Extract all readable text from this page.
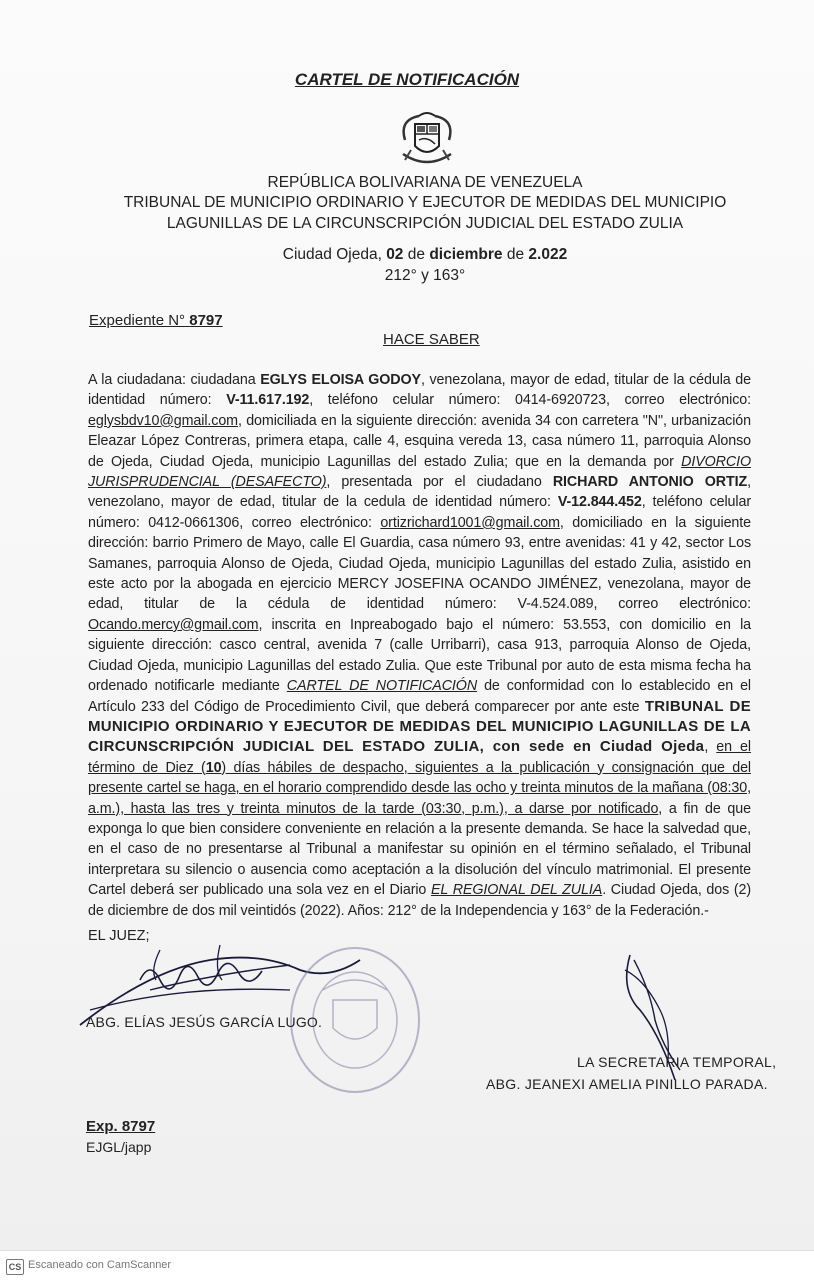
CARTEL DE NOTIFICACIÓN
REPÚBLICA BOLIVARIANA DE VENEZUELA
TRIBUNAL DE MUNICIPIO ORDINARIO Y EJECUTOR DE MEDIDAS DEL MUNICIPIO
LAGUNILLAS DE LA CIRCUNSCRIPCIÓN JUDICIAL DEL ESTADO ZULIA
Ciudad Ojeda, 02 de diciembre de 2.022
212° y 163°
Expediente N° 8797
HACE SABER
A la ciudadana: ciudadana EGLYS ELOISA GODOY, venezolana, mayor de edad, titular de la cédula de identidad número: V-11.617.192, teléfono celular número: 0414-6920723, correo electrónico: eglysbdv10@gmail.com, domiciliada en la siguiente dirección: avenida 34 con carretera "N", urbanización Eleazar López Contreras, primera etapa, calle 4, esquina vereda 13, casa número 11, parroquia Alonso de Ojeda, Ciudad Ojeda, municipio Lagunillas del estado Zulia; que en la demanda por DIVORCIO JURISPRUDENCIAL (DESAFECTO), presentada por el ciudadano RICHARD ANTONIO ORTIZ, venezolano, mayor de edad, titular de la cedula de identidad número: V-12.844.452, teléfono celular número: 0412-0661306, correo electrónico: ortizrichard1001@gmail.com, domiciliado en la siguiente dirección: barrio Primero de Mayo, calle El Guardia, casa número 93, entre avenidas: 41 y 42, sector Los Samanes, parroquia Alonso de Ojeda, Ciudad Ojeda, municipio Lagunillas del estado Zulia, asistido en este acto por la abogada en ejercicio MERCY JOSEFINA OCANDO JIMÉNEZ, venezolana, mayor de edad, titular de la cédula de identidad número: V-4.524.089, correo electrónico: Ocando.mercy@gmail.com, inscrita en Inpreabogado bajo el número: 53.553, con domicilio en la siguiente dirección: casco central, avenida 7 (calle Urribarri), casa 913, parroquia Alonso de Ojeda, Ciudad Ojeda, municipio Lagunillas del estado Zulia. Que este Tribunal por auto de esta misma fecha ha ordenado notificarle mediante CARTEL DE NOTIFICACIÓN de conformidad con lo establecido en el Artículo 233 del Código de Procedimiento Civil, que deberá comparecer por ante este TRIBUNAL DE MUNICIPIO ORDINARIO Y EJECUTOR DE MEDIDAS DEL MUNICIPIO LAGUNILLAS DE LA CIRCUNSCRIPCIÓN JUDICIAL DEL ESTADO ZULIA, con sede en Ciudad Ojeda, en el término de Diez (10) días hábiles de despacho, siguientes a la publicación y consignación que del presente cartel se haga, en el horario comprendido desde las ocho y treinta minutos de la mañana (08:30, a.m.), hasta las tres y treinta minutos de la tarde (03:30, p.m.), a darse por notificado, a fin de que exponga lo que bien considere conveniente en relación a la presente demanda. Se hace la salvedad que, en el caso de no presentarse al Tribunal a manifestar su opinión en el término señalado, el Tribunal interpretara su silencio o ausencia como aceptación a la disolución del vínculo matrimonial. El presente Cartel deberá ser publicado una sola vez en el Diario EL REGIONAL DEL ZULIA. Ciudad Ojeda, dos (2) de diciembre de dos mil veintidós (2022). Años: 212° de la Independencia y 163° de la Federación.-
EL JUEZ;
ABG. ELÍAS JESÚS GARCÍA LUGO.
LA SECRETARIA TEMPORAL,
ABG. JEANEXI AMELIA PINILLO PARADA.
Exp. 8797
EJGL/japp
CS Escaneado con CamScanner
